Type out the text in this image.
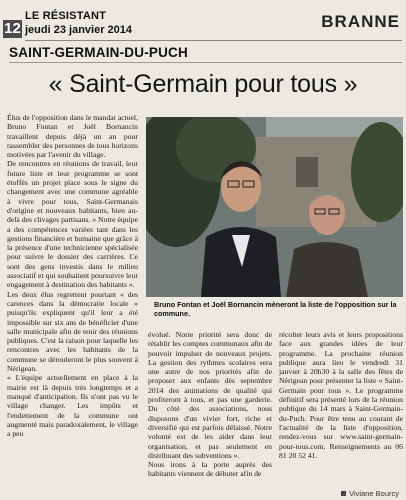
12
LE RÉSISTANT
jeudi 23 janvier 2014	BRANNE
SAINT-GERMAIN-DU-PUCH
« Saint-Germain pour tous »

Élus de l'opposition dans le mandat actuel, Bruno Fontan et Joël Bornancin travaillent depuis déjà un an pour rassembler des personnes de tous horizons motivées par l'avenir du village.

De rencontres en réunions de travail, leur future liste et leur programme se sont étoffés un projet place sous le signe du changement avec une commune agréable à vivre pour tous, Saint-Germanais d'origine et nouveaux habitants, bien au-delà des clivages partisans. « Notre équipe a des compétences variées tant dans les gestions financière et humaine que grâce à la présence d'une technicienne spécialisée pour suivre le dossier des carrières. Ce sont des gens investis dans le milieu associatif et qui souhaitent poursuivre leur engagement à destination des habitants ».

Les deux élus regrettent pourtant « des carences dans la démocratie locale » puisqu'ils expliquent qu'il leur a été impossible sur six ans de bénéficier d'une salle municipale afin de tenir des réunions publiques. C'est la raison pour laquelle les rencontres avec les habitants de la commune se dérouleront le plus souvent à Nérigean.

« L'équipe actuellement en place à la mairie est là depuis très longtemps et a manqué d'anticipation. Ils n'ont pas vu le village changer. Les impôts et l'endettement de la commune ont augmenté mais paradoxalement, le village a peu

Bruno Fontan et Joël Bornancin mèneront la liste de l'opposition sur la commune.

évolué. Notre priorité sera donc de rétablir les comptes communaux afin de pouvoir impulser de nouveaux projets. La gestion des rythmes scolaires sera une autre de nos priorités afin de proposer aux enfants dès septembre 2014 des animations de qualité qui profiteront à tous, et pas une garderie. Du côté des associations, nous disposons d'un vivier fort, riche et diversifié qui est parfois délaissé. Notre volonté est de les aider dans leur organisation, et pas seulement en distribuant des subventions ».

Nous irons à la porte auprès des habitants viennent de débuter afin de

récolter leurs avis et leurs propositions face aux grandes idées de leur programme. La prochaine réunion publique aura lieu le vendredi 31 janvier à 20h30 à la salle des fêtes de Nérigean pour présenter la liste « Saint-Germain pour tous ». Le programme définitif sera présenté lors de la réunion publique du 14 mars à Saint-Germain-du-Puch. Pour être tenu au courant de l'actualité de la liste d'opposition, rendez-vous sur www.saint-germain-pour-tous.com. Renseignements au 06 81 20 52 41.

Viviane Bourcy
